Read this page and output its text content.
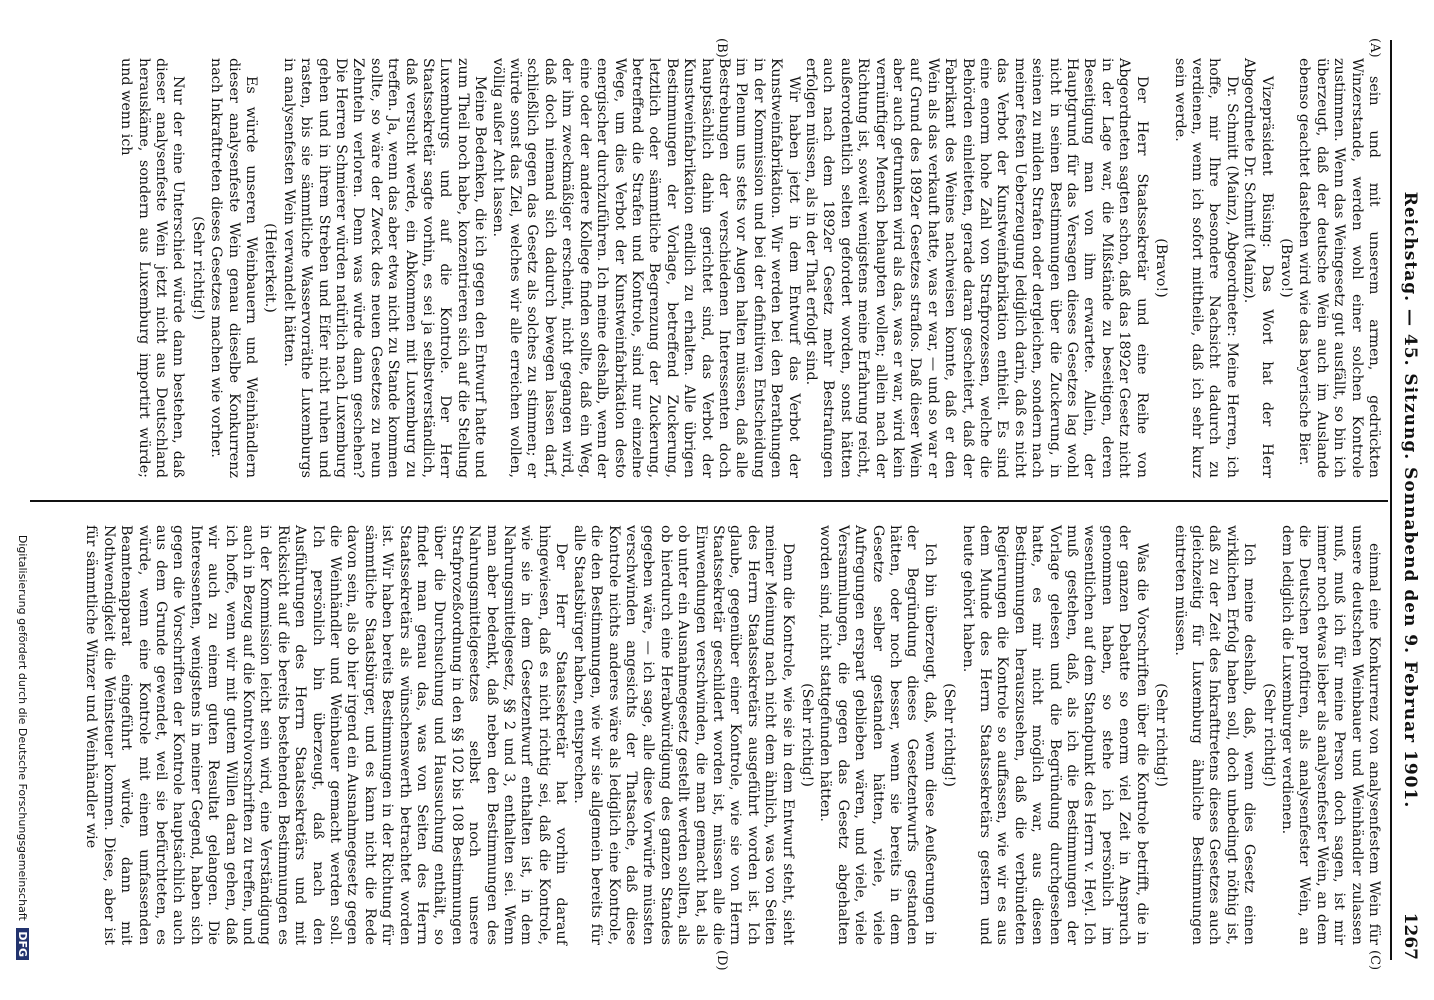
Reichstag. — 45. Sitzung. Sonnabend den 9. Februar 1901.
1267
(A)
(B)
(C)
(D)

sein und mit unserem armen, gedrückten Winzerstande, werden wohl einer solchen Kontrole zustimmen. Wenn das Weingesetz gut ausfällt, so bin ich überzeugt, daß der deutsche Wein auch im Auslande ebenso geachtet dastehen wird wie das bayerische Bier.

(Bravo!)

Vizepräsident Büsing: Das Wort hat der Herr Abgeordnete Dr. Schmitt (Mainz).

Dr. Schmitt (Mainz), Abgeordneter: Meine Herren, ich hoffe, mir Ihre besondere Nachsicht dadurch zu verdienen, wenn ich sofort mittheile, daß ich sehr kurz sein werde.

(Bravo!)

Der Herr Staatssekretär und eine Reihe von Abgeordneten sagten schon, daß das 1892er Gesetz nicht in der Lage war, die Mißstände zu beseitigen, deren Beseitigung man von ihm erwartete. Allein, der Hauptgrund für das Versagen dieses Gesetzes lag wohl nicht in seinen Bestimmungen über die Zuckerung, in seinen zu milden Strafen oder dergleichen, sondern nach meiner festen Ueberzeugung lediglich darin, daß es nicht das Verbot der Kunstweinfabrikation enthielt. Es sind eine enorm hohe Zahl von Strafprozessen, welche die Behörden einleiteten, gerade daran gescheitert, daß der Fabrikant des Weines nachweisen konnte, daß er den Wein als das verkauft hatte, was er war, — und so war er auf Grund des 1892er Gesetzes straflos. Daß dieser Wein aber auch getrunken wird als das, was er war, wird kein vernünftiger Mensch behaupten wollen; allein nach der Richtung ist, soweit wenigstens meine Erfahrung reicht, außerordentlich selten gefordert worden, sonst hätten auch nach dem 1892er Gesetz mehr Bestrafungen erfolgen müssen, als in der That erfolgt sind.

Wir haben jetzt in dem Entwurf das Verbot der Kunstweinfabrikation. Wir werden bei den Berathungen in der Kommission und bei der definitiven Entscheidung im Plenum uns stets vor Augen halten müssen, daß alle Bestrebungen der verschiedenen Interessenten doch hauptsächlich dahin gerichtet sind, das Verbot der Kunstweinfabrikation endlich zu erhalten. Alle übrigen Bestimmungen der Vorlage, betreffend Zuckerung, letztlich oder sämmtliche Begrenzung der Zuckerung, betreffend die Strafen und Kontrole, sind nur einzelne Wege, um dies Verbot der Kunstweinfabrikation desto energischer durchzuführen. Ich meine deshalb, wenn der eine oder der andere Kollege finden sollte, daß ein Weg, der ihm zweckmäßiger erscheint, nicht gegangen wird, daß doch niemand sich dadurch bewegen lassen darf, schließlich gegen das Gesetz als solches zu stimmen; er würde sonst das Ziel, welches wir alle erreichen wollen, völlig außer Acht lassen.

Meine Bedenken, die ich gegen den Entwurf hatte und zum Theil noch habe, konzentrieren sich auf die Stellung Luxemburgs und auf die Kontrole. Der Herr Staatssekretär sagte vorhin, es sei ja selbstverständlich, daß versucht werde, ein Abkommen mit Luxemburg zu treffen. Ja, wenn das aber etwa nicht zu Stande kommen sollte, so wäre der Zweck des neuen Gesetzes zu neun Zehnteln verloren. Denn was würde dann geschehen? Die Herren Schmierer würden natürlich nach Luxemburg gehen und in ihrem Streben und Eifer nicht ruhen und rasten, bis sie sämmtliche Wasservorräthe Luxemburgs in analysenfesten Wein verwandelt hätten.

(Heiterkeit.)

Es würde unseren Weinbauern und Weinhändlern dieser analysenfeste Wein genau dieselbe Konkurrenz nach Inkrafttreten dieses Gesetzes machen wie vorher.

(Sehr richtig!)

Nur der eine Unterschied würde dann bestehen, daß dieser analysenfeste Wein jetzt nicht aus Deutschland herauskäme, sondern aus Luxemburg importirt würde; und wenn ich

einmal eine Konkurrenz von analysenfestem Wein für unsere deutschen Weinbauer und Weinhändler zulassen muß, muß ich für meine Person doch sagen, ist mir immer noch etwas lieber als analysenfester Wein, an dem die Deutschen profitiren, als analysenfester Wein, an dem lediglich die Luxemburger verdienen.

(Sehr richtig!)

Ich meine deshalb, daß, wenn dies Gesetz einen wirklichen Erfolg haben soll, doch unbedingt nöthig ist, daß zu der Zeit des Inkrafttretens dieses Gesetzes auch gleichzeitig für Luxemburg ähnliche Bestimmungen eintreten müssen.

(Sehr richtig!)

Was die Vorschriften über die Kontrole betrifft, die in der ganzen Debatte so enorm viel Zeit in Anspruch genommen haben, so stehe ich persönlich im wesentlichen auf dem Standpunkt des Herrn v. Heyl. Ich muß gestehen, daß, als ich die Bestimmungen der Vorlage gelesen und die Begründung durchgesehen hatte, es mir nicht möglich war, aus diesen Bestimmungen herauszusehen, daß die verbündeten Regierungen die Kontrole so auffassen, wie wir es aus dem Munde des Herrn Staatssekretärs gestern und heute gehört haben.

(Sehr richtig!)

Ich bin überzeugt, daß, wenn diese Aeußerungen in der Begründung dieses Gesetzentwurfs gestanden hätten, oder noch besser, wenn sie bereits in dem Gesetze selber gestanden hätten, viele, viele Aufregungen erspart geblieben wären, und viele, viele Versammlungen, die gegen das Gesetz abgehalten worden sind, nicht stattgefunden hätten.

(Sehr richtig!)

Denn die Kontrole, wie sie in dem Entwurf steht, sieht meiner Meinung nach nicht dem ähnlich, was von Seiten des Herrn Staatssekretärs ausgeführt worden ist. Ich glaube, gegenüber einer Kontrole, wie sie von Herrn Staatssekretär geschildert worden ist, müssen alle die Einwendungen verschwinden, die man gemacht hat, als ob unter ein Ausnahmegesetz gestellt werden sollten, als ob hierdurch eine Herabwürdigung des ganzen Standes gegeben wäre, — ich sage, alle diese Vorwürfe müssten verschwinden angesichts der Thatsache, daß diese Kontrole nichts anderes wäre als lediglich eine Kontrole, die den Bestimmungen, wie wir sie allgemein bereits für alle Staatsbürger haben, entsprechen.

Der Herr Staatssekretär hat vorhin darauf hingewiesen, daß es nicht richtig sei, daß die Kontrole, wie sie in dem Gesetzentwurf enthalten ist, in dem Nahrungsmittelgesetz, §§ 2 und 3, enthalten sei. Wenn man aber bedenkt, daß neben den Bestimmungen des Nahrungsmittelgesetzes selbst noch unsere Strafprozeßordnung in den §§ 102 bis 108 Bestimmungen über die Durchsuchung und Haussuchung enthält, so findet man genau das, was von Seiten des Herrn Staatssekretärs als wünschenswerth betrachtet worden ist. Wir haben bereits Bestimmungen in der Richtung für sämmtliche Staatsbürger, und es kann nicht die Rede davon sein, als ob hier irgend ein Ausnahmegesetz gegen die Weinhändler und Weinbauer gemacht werden soll. Ich persönlich bin überzeugt, daß nach den Ausführungen des Herrn Staatssekretärs und mit Rücksicht auf die bereits bestehenden Bestimmungen es in der Kommission leicht sein wird, eine Verständigung auch in Bezug auf die Kontrolvorschriften zu treffen, und ich hoffe, wenn wir mit gutem Willen daran gehen, daß wir auch zu einem guten Resultat gelangen. Die Interessenten, wenigstens in meiner Gegend, haben sich gegen die Vorschriften der Kontrole hauptsächlich auch aus dem Grunde gewendet, weil sie befürchteten, es würde, wenn eine Kontrole mit einem umfassenden Beamtenapparat eingeführt würde, dann mit Nothwendigkeit die Weinsteuer kommen. Diese, aber ist für sämmtliche Winzer und Weinhändler wie

Digitalisierung gefördert durch die Deutsche Forschungsgemeinschaft DFG
